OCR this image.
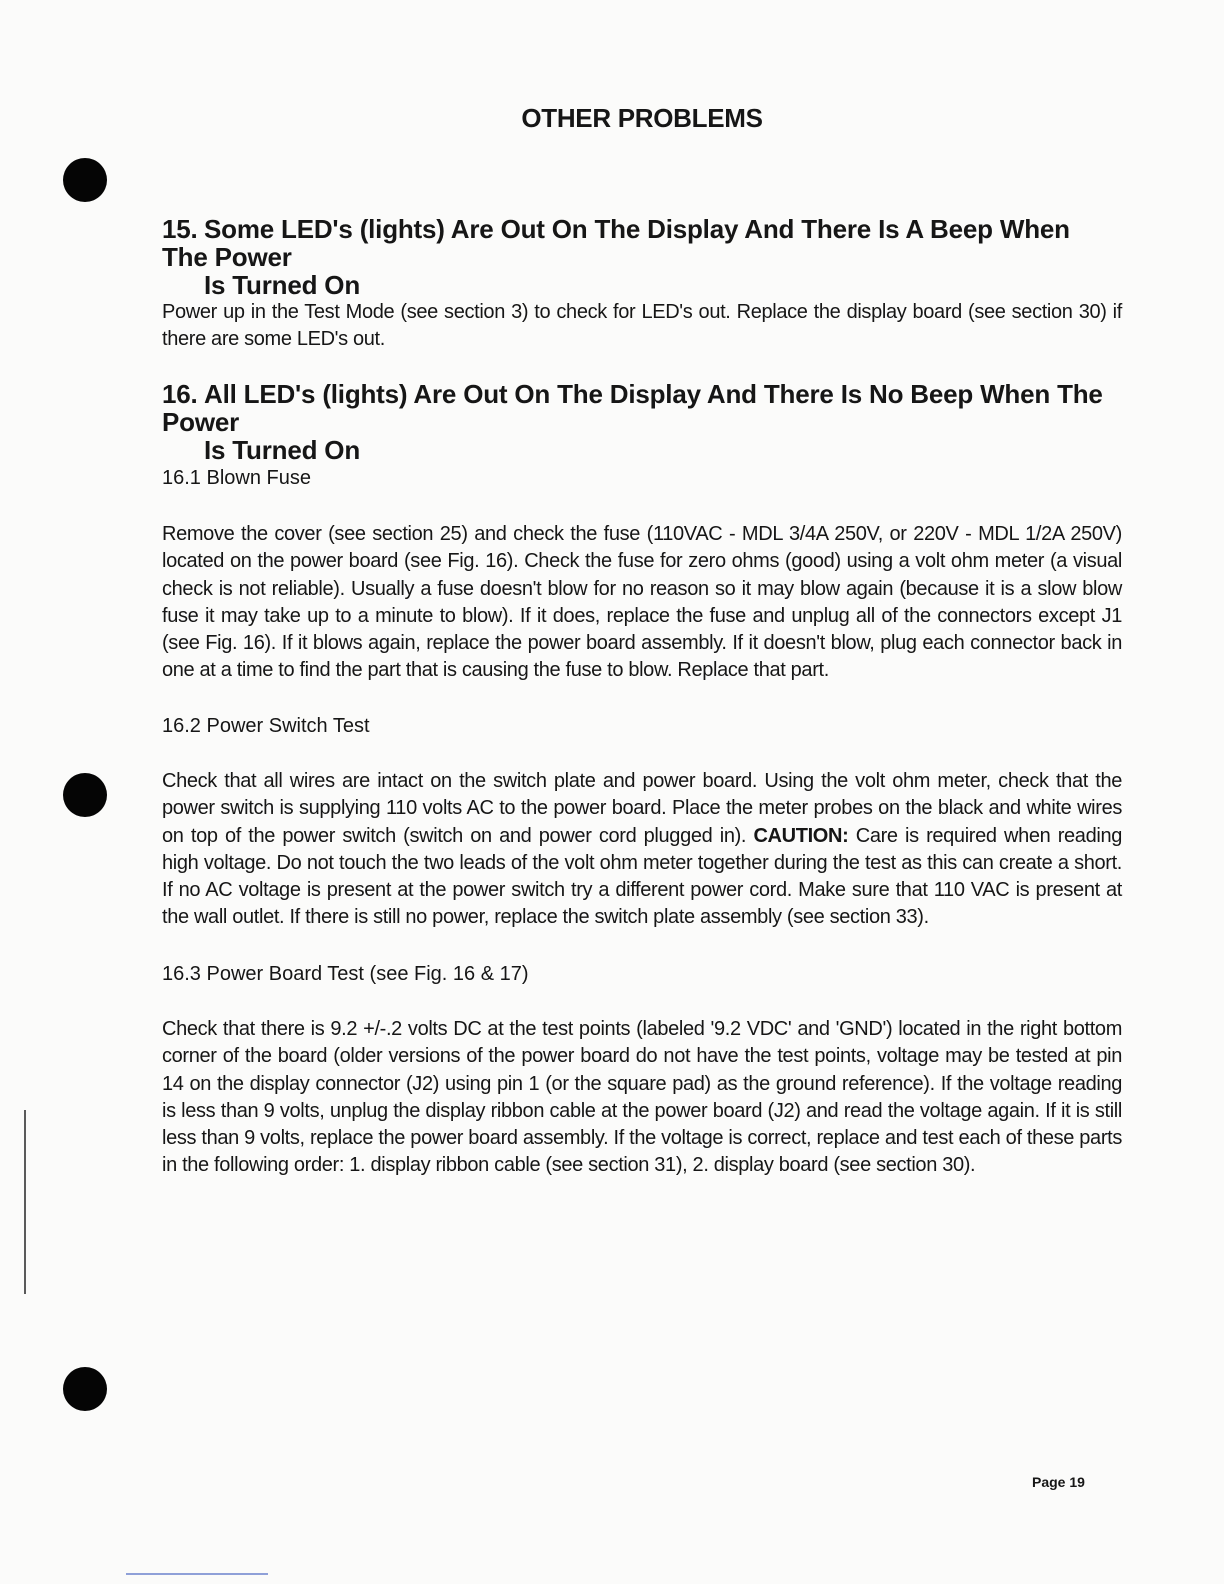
OTHER PROBLEMS
15. Some LED's (lights) Are Out On The Display And There Is A Beep When The Power
Is Turned On
Power up in the Test Mode (see section 3) to check for LED's out. Replace the display board (see section 30) if there are some LED's out.
16. All LED's (lights) Are Out On The Display And There Is No Beep When The Power
Is Turned On
16.1 Blown Fuse
Remove the cover (see section 25) and check the fuse (110VAC - MDL 3/4A 250V, or 220V - MDL 1/2A 250V) located on the power board (see Fig. 16). Check the fuse for zero ohms (good) using a volt ohm meter (a visual check is not reliable). Usually a fuse doesn't blow for no reason so it may blow again (because it is a slow blow fuse it may take up to a minute to blow). If it does, replace the fuse and unplug all of the connectors except J1 (see Fig. 16). If it blows again, replace the power board assembly. If it doesn't blow, plug each connector back in one at a time to find the part that is causing the fuse to blow. Replace that part.
16.2 Power Switch Test
Check that all wires are intact on the switch plate and power board. Using the volt ohm meter, check that the power switch is supplying 110 volts AC to the power board. Place the meter probes on the black and white wires on top of the power switch (switch on and power cord plugged in). CAUTION: Care is required when reading high voltage. Do not touch the two leads of the volt ohm meter together during the test as this can create a short. If no AC voltage is present at the power switch try a different power cord. Make sure that 110 VAC is present at the wall outlet. If there is still no power, replace the switch plate assembly (see section 33).
16.3 Power Board Test (see Fig. 16 & 17)
Check that there is 9.2 +/-.2 volts DC at the test points (labeled '9.2 VDC' and 'GND') located in the right bottom corner of the board (older versions of the power board do not have the test points, voltage may be tested at pin 14 on the display connector (J2) using pin 1 (or the square pad) as the ground reference). If the voltage reading is less than 9 volts, unplug the display ribbon cable at the power board (J2) and read the voltage again. If it is still less than 9 volts, replace the power board assembly. If the voltage is correct, replace and test each of these parts in the following order: 1. display ribbon cable (see section 31), 2. display board (see section 30).
Page 19
